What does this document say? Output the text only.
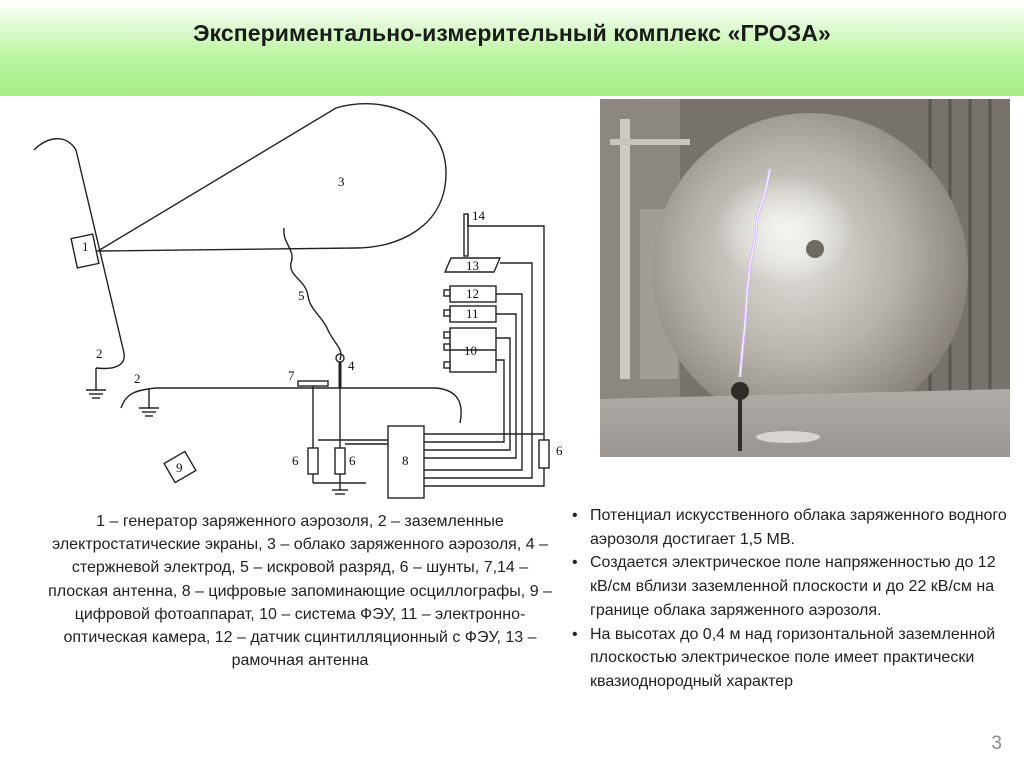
Экспериментально-измерительный комплекс «ГРОЗА»
1
2
2
3
4
5
6	6
6
7
8
9
10
11
12
13
14
1 – генератор заряженного аэрозоля, 2 – заземленные электростатические экраны, 3 – облако заряженного аэрозоля, 4 – стержневой электрод, 5 – искровой разряд, 6 – шунты, 7,14 – плоская антенна, 8 – цифровые запоминающие осциллографы, 9 – цифровой фотоаппарат, 10 – система ФЭУ, 11 – электронно-оптическая камера, 12 – датчик сцинтилляционный с ФЭУ, 13 – рамочная антенна
• Потенциал искусственного облака заряженного водного аэрозоля достигает 1,5 МВ.
• Создается электрическое поле напряженностью до 12 кВ/см вблизи заземленной плоскости и до 22 кВ/см на границе облака заряженного аэрозоля.
• На высотах до 0,4 м над горизонтальной заземленной плоскостью электрическое поле имеет практически квазиоднородный характер
3
